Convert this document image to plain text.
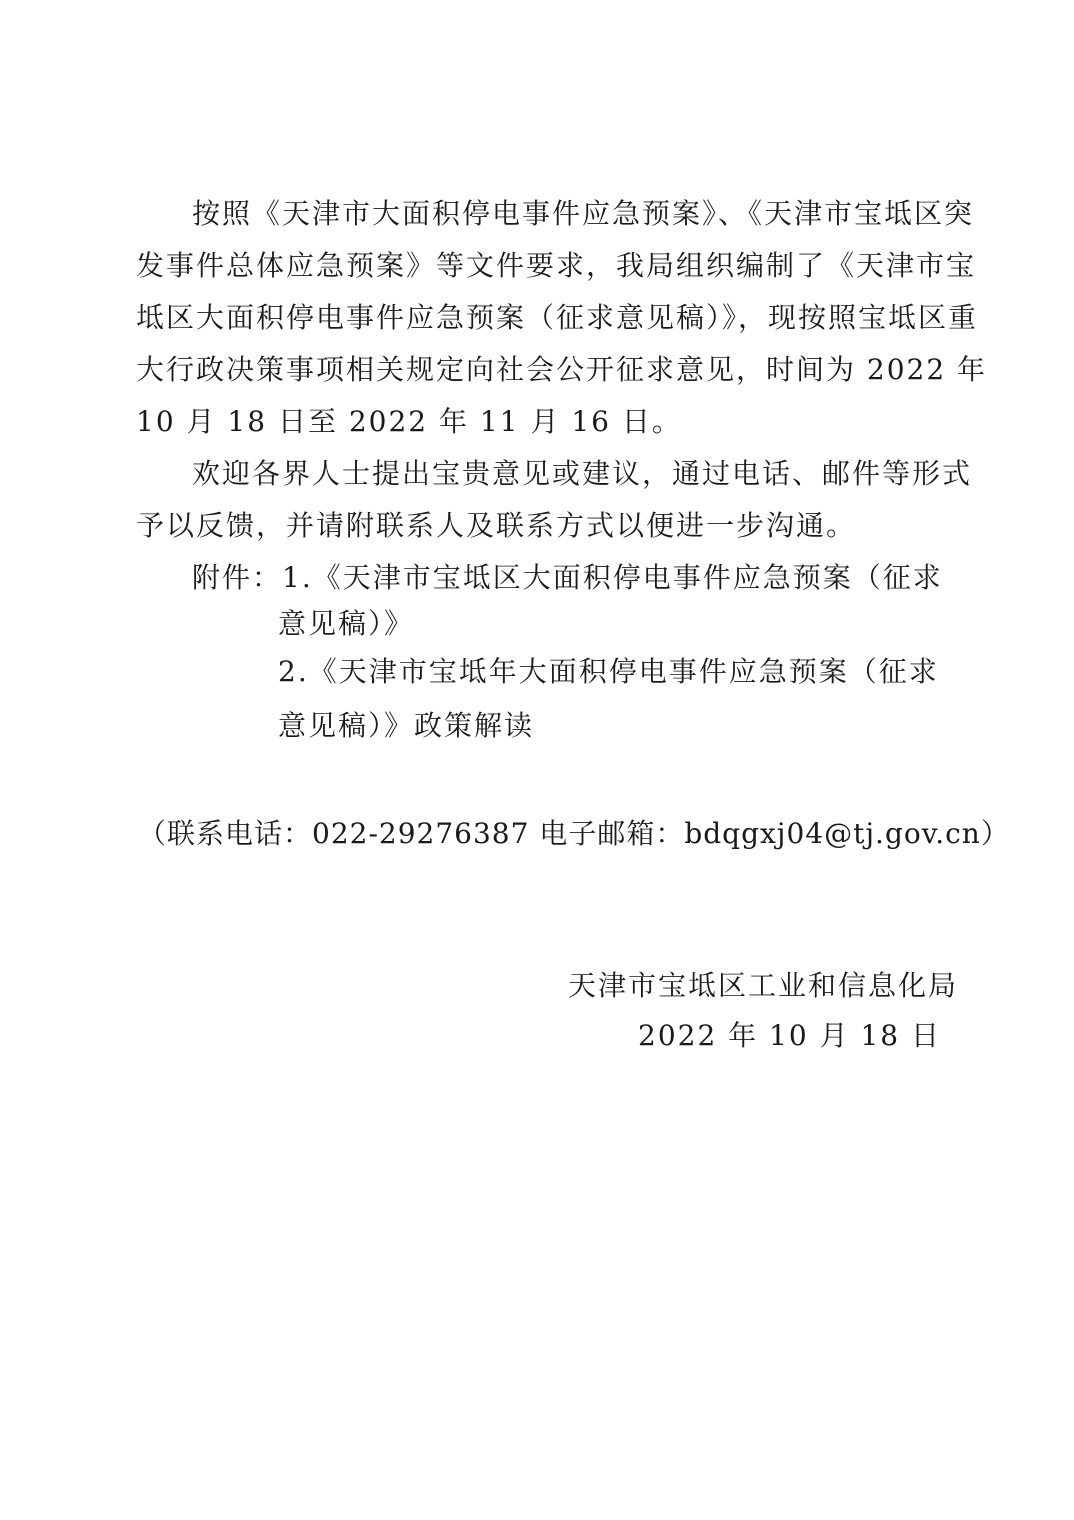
按照《天津市大面积停电事件应急预案》、《天津市宝坻区突
发事件总体应急预案》等文件要求，我局组织编制了《天津市宝
坻区大面积停电事件应急预案（征求意见稿）》，现按照宝坻区重
大行政决策事项相关规定向社会公开征求意见，时间为 2022 年
10 月 18 日至 2022 年 11 月 16 日。
欢迎各界人士提出宝贵意见或建议，通过电话、邮件等形式
予以反馈，并请附联系人及联系方式以便进一步沟通。
附件：1.《天津市宝坻区大面积停电事件应急预案（征求
意见稿）》
2.《天津市宝坻年大面积停电事件应急预案（征求
意见稿）》政策解读
（联系电话：022-29276387 电子邮箱：bdqgxj04@tj.gov.cn）
天津市宝坻区工业和信息化局
2022 年 10 月 18 日
